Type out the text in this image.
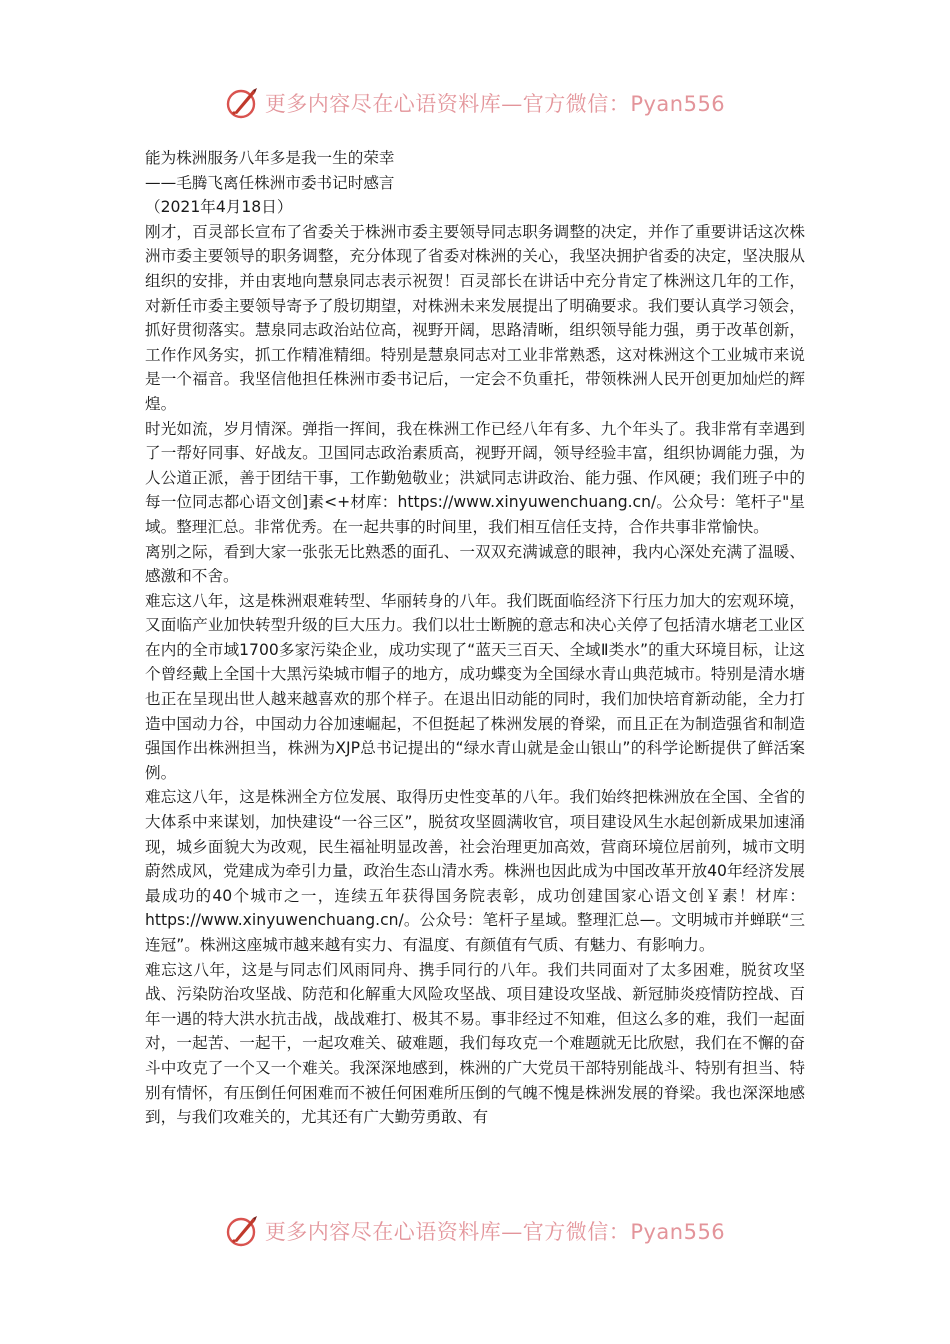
更多内容尽在心语资料库—官方微信：Pyan556

能为株洲服务八年多是我一生的荣幸

——毛腾飞离任株洲市委书记时感言

（2021年4月18日）

刚才，百灵部长宣布了省委关于株洲市委主要领导同志职务调整的决定，并作了重要讲话这次株洲市委主要领导的职务调整，充分体现了省委对株洲的关心，我坚决拥护省委的决定，坚决服从组织的安排，并由衷地向慧泉同志表示祝贺！百灵部长在讲话中充分肯定了株洲这几年的工作，对新任市委主要领导寄予了殷切期望，对株洲未来发展提出了明确要求。我们要认真学习领会，抓好贯彻落实。慧泉同志政治站位高，视野开阔，思路清晰，组织领导能力强，勇于改革创新，工作作风务实，抓工作精准精细。特别是慧泉同志对工业非常熟悉，这对株洲这个工业城市来说是一个福音。我坚信他担任株洲市委书记后，一定会不负重托，带领株洲人民开创更加灿烂的辉煌。

时光如流，岁月情深。弹指一挥间，我在株洲工作已经八年有多、九个年头了。我非常有幸遇到了一帮好同事、好战友。卫国同志政治素质高，视野开阔，领导经验丰富，组织协调能力强，为人公道正派，善于团结干事，工作勤勉敬业；洪斌同志讲政治、能力强、作风硬；我们班子中的每一位同志都心语文创]素<+材库：https://www.xinyuwenchuang.cn/。公众号：笔杆子"星域。整理汇总。非常优秀。在一起共事的时间里，我们相互信任支持，合作共事非常愉快。

离别之际，看到大家一张张无比熟悉的面孔、一双双充满诚意的眼神，我内心深处充满了温暖、感激和不舍。

难忘这八年，这是株洲艰难转型、华丽转身的八年。我们既面临经济下行压力加大的宏观环境，又面临产业加快转型升级的巨大压力。我们以壮士断腕的意志和决心关停了包括清水塘老工业区在内的全市域1700多家污染企业，成功实现了“蓝天三百天、全域Ⅱ类水”的重大环境目标，让这个曾经戴上全国十大黑污染城市帽子的地方，成功蝶变为全国绿水青山典范城市。特别是清水塘也正在呈现出世人越来越喜欢的那个样子。在退出旧动能的同时，我们加快培育新动能，全力打造中国动力谷，中国动力谷加速崛起，不但挺起了株洲发展的脊梁，而且正在为制造强省和制造强国作出株洲担当，株洲为XJP总书记提出的“绿水青山就是金山银山”的科学论断提供了鲜活案例。

难忘这八年，这是株洲全方位发展、取得历史性变革的八年。我们始终把株洲放在全国、全省的大体系中来谋划，加快建设“一谷三区”，脱贫攻坚圆满收官，项目建设风生水起创新成果加速涌现，城乡面貌大为改观，民生福祉明显改善，社会治理更加高效，营商环境位居前列，城市文明蔚然成风，党建成为牵引力量，政治生态山清水秀。株洲也因此成为中国改革开放40年经济发展最成功的40个城市之一，连续五年获得国务院表彰，成功创建国家心语文创￥素！材库：https://www.xinyuwenchuang.cn/。公众号：笔杆子星域。整理汇总—。文明城市并蝉联“三连冠”。株洲这座城市越来越有实力、有温度、有颜值有气质、有魅力、有影响力。

难忘这八年，这是与同志们风雨同舟、携手同行的八年。我们共同面对了太多困难，脱贫攻坚战、污染防治攻坚战、防范和化解重大风险攻坚战、项目建设攻坚战、新冠肺炎疫情防控战、百年一遇的特大洪水抗击战，战战难打、极其不易。事非经过不知难，但这么多的难，我们一起面对，一起苦、一起干，一起攻难关、破难题，我们每攻克一个难题就无比欣慰，我们在不懈的奋斗中攻克了一个又一个难关。我深深地感到，株洲的广大党员干部特别能战斗、特别有担当、特别有情怀，有压倒任何困难而不被任何困难所压倒的气魄不愧是株洲发展的脊梁。我也深深地感到，与我们攻难关的，尤其还有广大勤劳勇敢、有

更多内容尽在心语资料库—官方微信：Pyan556
